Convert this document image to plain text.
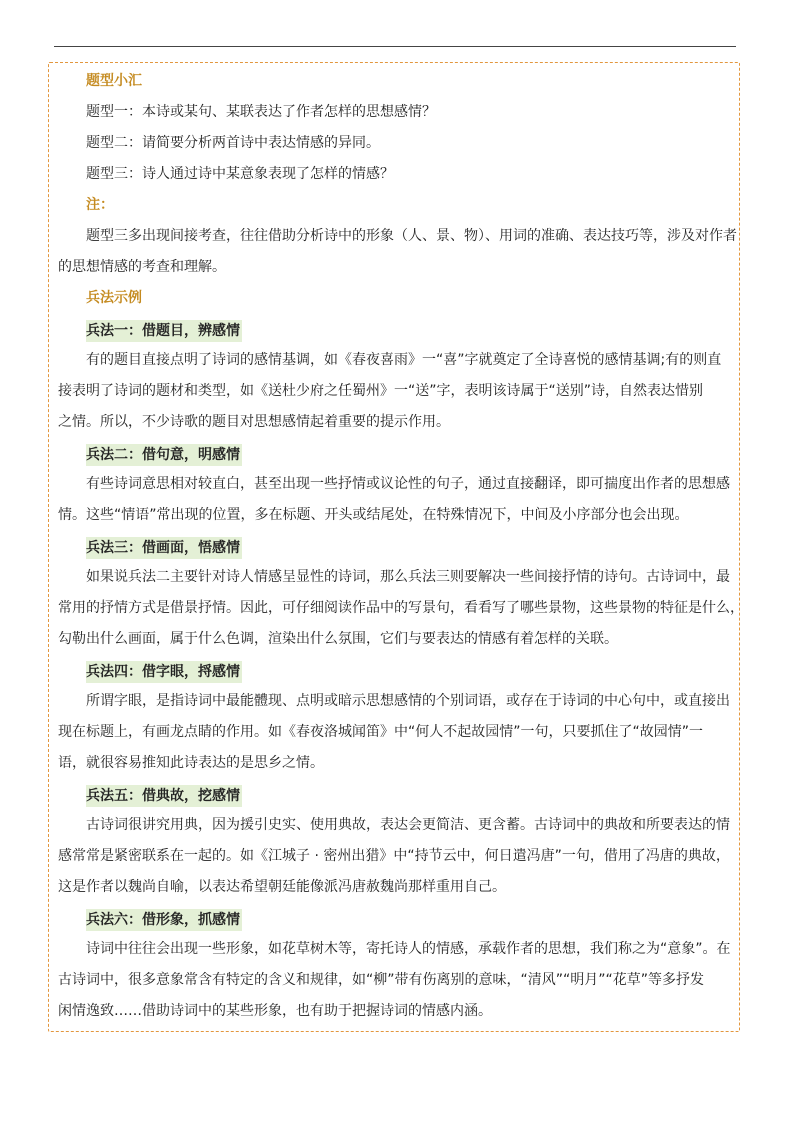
题型小汇
题型一：本诗或某句、某联表达了作者怎样的思想感情？
题型二：请简要分析两首诗中表达情感的异同。
题型三：诗人通过诗中某意象表现了怎样的情感？
注：
题型三多出现间接考查，往往借助分析诗中的形象（人、景、物）、用词的准确、表达技巧等，涉及对作者
的思想情感的考查和理解。
兵法示例
兵法一：借题目，辨感情
有的题目直接点明了诗词的感情基调，如《春夜喜雨》一“喜”字就奠定了全诗喜悦的感情基调;有的则直
接表明了诗词的题材和类型，如《送杜少府之任蜀州》一“送”字，表明该诗属于“送别”诗，自然表达惜别
之情。所以，不少诗歌的题目对思想感情起着重要的提示作用。
兵法二：借句意，明感情
有些诗词意思相对较直白，甚至出现一些抒情或议论性的句子，通过直接翻译，即可揣度出作者的思想感
情。这些“情语”常出现的位置，多在标题、开头或结尾处，在特殊情况下，中间及小序部分也会出现。
兵法三：借画面，悟感情
如果说兵法二主要针对诗人情感呈显性的诗词，那么兵法三则要解决一些间接抒情的诗句。古诗词中，最
常用的抒情方式是借景抒情。因此，可仔细阅读作品中的写景句，看看写了哪些景物，这些景物的特征是什么，
勾勒出什么画面，属于什么色调，渲染出什么氛围，它们与要表达的情感有着怎样的关联。
兵法四：借字眼，捋感情
所谓字眼，是指诗词中最能體现、点明或暗示思想感情的个别词语，或存在于诗词的中心句中，或直接出
现在标题上，有画龙点睛的作用。如《春夜洛城闻笛》中“何人不起故园情”一句，只要抓住了“故园情”一
语，就很容易推知此诗表达的是思乡之情。
兵法五：借典故，挖感情
古诗词很讲究用典，因为援引史实、使用典故，表达会更简洁、更含蓄。古诗词中的典故和所要表达的情
感常常是紧密联系在一起的。如《江城子 · 密州出猎》中“持节云中，何日遣冯唐”一句，借用了冯唐的典故，
这是作者以魏尚自喻，以表达希望朝廷能像派冯唐赦魏尚那样重用自己。
兵法六：借形象，抓感情
诗词中往往会出现一些形象，如花草树木等，寄托诗人的情感，承载作者的思想，我们称之为“意象”。在
古诗词中，很多意象常含有特定的含义和规律，如“柳”带有伤离别的意味，“清风”“明月”“花草”等多抒发
闲情逸致……借助诗词中的某些形象，也有助于把握诗词的情感内涵。
